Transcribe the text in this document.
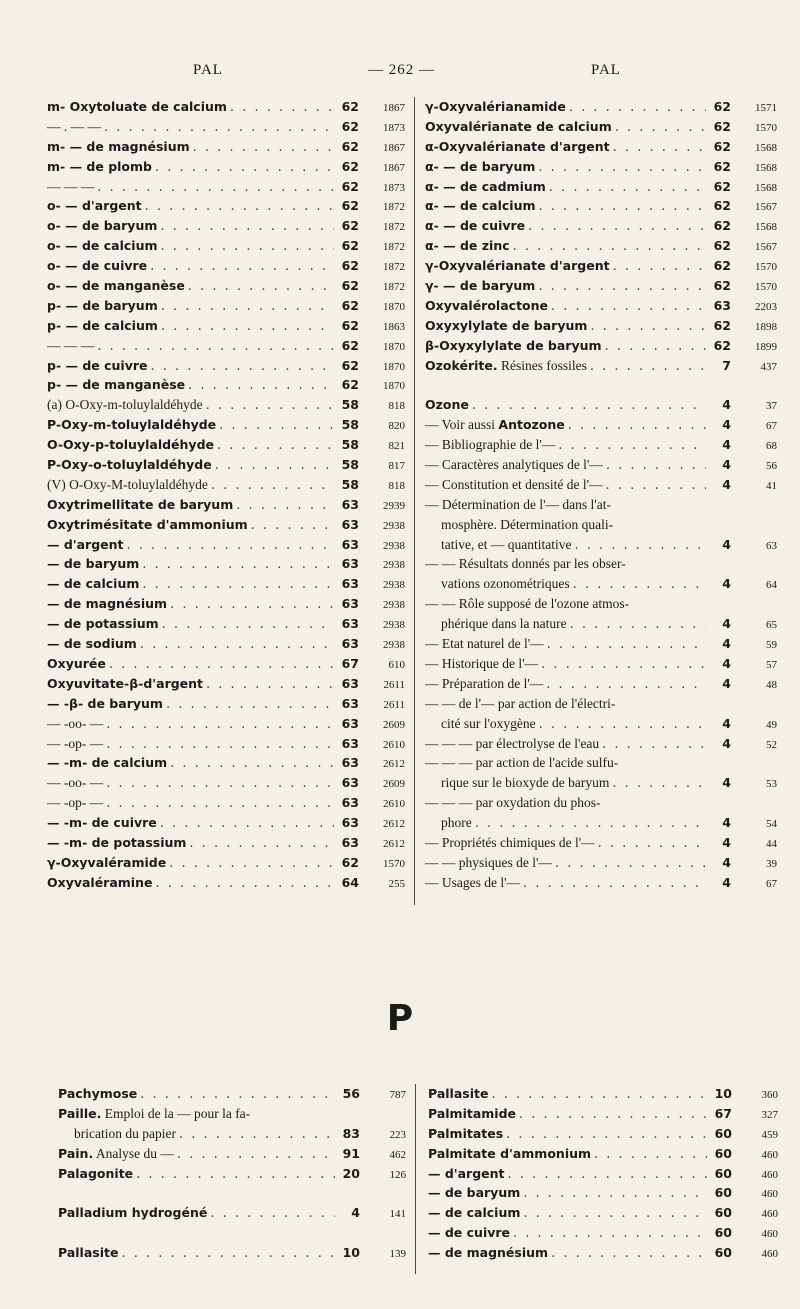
PAL	— 262 —	PAL
m- Oxytoluate de calcium . . .	62	1867
— . — — . . .	62	1873
m- — de magnésium . . .	62	1867
m- — de plomb . . .	62	1867
— — — . . .	62	1873
o- — d'argent . . .	62	1872
o- — de baryum . . .	62	1872
o- — de calcium . . .	62	1872
o- — de cuivre . . .	62	1872
o- — de manganèse . . .	62	1872
p- — de baryum . . .	62	1870
p- — de calcium . . .	62	1863
— — — . . .	62	1870
p- — de cuivre . . .	62	1870
p- — de manganèse . . .	62	1870
(a) O-Oxy-m-toluylaldéhyde . . .	58	818
P-Oxy-m-toluylaldéhyde . . .	58	820
O-Oxy-p-toluylaldéhyde . . .	58	821
P-Oxy-o-toluylaldéhyde . . .	58	817
(V) O-Oxy-M-toluylaldéhyde . . .	58	818
Oxytrimellitate de baryum . . .	63	2939
Oxytrimésitate d'ammonium . . .	63	2938
— d'argent . . .	63	2938
— de baryum . . .	63	2938
— de calcium . . .	63	2938
— de magnésium . . .	63	2938
— de potassium . . .	63	2938
— de sodium . . .	63	2938
Oxyurée . . .	67	610
Oxyuvitate-β-d'argent . . .	63	2611
— -β- de baryum . . .	63	2611
— -oo- — . . .	63	2609
— -op- — . . .	63	2610
— -m- de calcium . . .	63	2612
— -oo- — . . .	63	2609
— -op- — . . .	63	2610
— -m- de cuivre . . .	63	2612
— -m- de potassium . . .	63	2612
γ-Oxyvaléramide . . .	62	1570
Oxyvaléramine . . .	64	255
γ-Oxyvalérianamide . . .	62	1571
Oxyvalérianate de calcium . . .	62	1570
α-Oxyvalérianate d'argent . . .	62	1568
α- — de baryum . . .	62	1568
α- — de cadmium . . .	62	1568
α- — de calcium . . .	62	1567
α- — de cuivre . . .	62	1568
α- — de zinc . . .	62	1567
γ-Oxyvalérianate d'argent . . .	62	1570
γ- — de baryum . . .	62	1570
Oxyvalérolactone . . .	63	2203
Oxyxylylate de baryum . . .	62	1898
β-Oxyxylylate de baryum . . .	62	1899
Ozokérite. Résines fossiles . . .	7	437
Ozone . . .	4	37
— Voir aussi Antozone . . .	4	67
— Bibliographie de l'— . . .	4	68
— Caractères analytiques de l'— . . .	4	56
— Constitution et densité de l'— . . .	4	41
— Détermination de l'— dans l'at-
mosphère. Détermination quali-
tative, et — quantitative . . .	4	63
— — Résultats donnés par les obser-
vations ozonométriques . . .	4	64
— — Rôle supposé de l'ozone atmos-
phérique dans la nature . . .	4	65
— Etat naturel de l'— . . .	4	59
— Historique de l'— . . .	4	57
— Préparation de l'— . . .	4	48
— — de l'— par action de l'électri-
cité sur l'oxygène . . .	4	49
— — — par électrolyse de l'eau . . .	4	52
— — — par action de l'acide sulfu-
rique sur le bioxyde de baryum . . .	4	53
— — — par oxydation du phos-
phore . . .	4	54
— Propriétés chimiques de l'— . . .	4	44
— — physiques de l'— . . .	4	39
— Usages de l'— . . .	4	67
P
Pachymose . . .	56	787
Paille. Emploi de la — pour la fa-
brication du papier . . .	83	223
Pain. Analyse du — . . .	91	462
Palagonite . . .	20	126
Palladium hydrogéné . . .	4	141
Pallasite . . .	10	139
Pallasite . . .	10	360
Palmitamide . . .	67	327
Palmitates . . .	60	459
Palmitate d'ammonium . . .	60	460
— d'argent . . .	60	460
— de baryum . . .	60	460
— de calcium . . .	60	460
— de cuivre . . .	60	460
— de magnésium . . .	60	460
